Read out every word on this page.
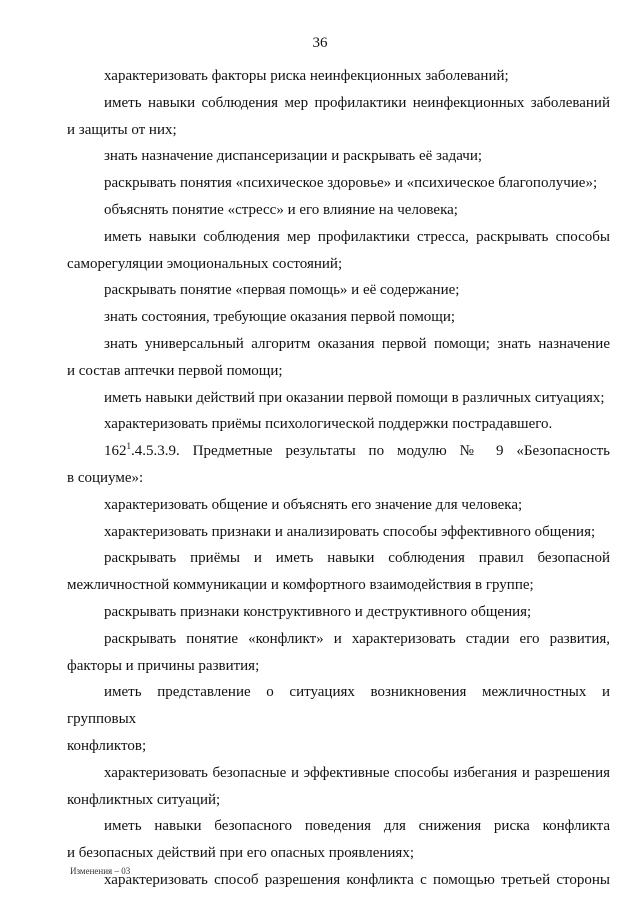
36
характеризовать факторы риска неинфекционных заболеваний;
иметь навыки соблюдения мер профилактики неинфекционных заболеваний
и защиты от них;
знать назначение диспансеризации и раскрывать её задачи;
раскрывать понятия «психическое здоровье» и «психическое благополучие»;
объяснять понятие «стресс» и его влияние на человека;
иметь навыки соблюдения мер профилактики стресса, раскрывать способы
саморегуляции эмоциональных состояний;
раскрывать понятие «первая помощь» и её содержание;
знать состояния, требующие оказания первой помощи;
знать универсальный алгоритм оказания первой помощи; знать назначение
и состав аптечки первой помощи;
иметь навыки действий при оказании первой помощи в различных ситуациях;
характеризовать приёмы психологической поддержки пострадавшего.
$162^1.4.5.3.9$. Предметные результаты по модулю № 9 «Безопасность
в социуме»:
характеризовать общение и объяснять его значение для человека;
характеризовать признаки и анализировать способы эффективного общения;
раскрывать приёмы и иметь навыки соблюдения правил безопасной
межличностной коммуникации и комфортного взаимодействия в группе;
раскрывать признаки конструктивного и деструктивного общения;
раскрывать понятие «конфликт» и характеризовать стадии его развития,
факторы и причины развития;
иметь представление о ситуациях возникновения межличностных и групповых
конфликтов;
характеризовать безопасные и эффективные способы избегания и разрешения
конфликтных ситуаций;
иметь навыки безопасного поведения для снижения риска конфликта
и безопасных действий при его опасных проявлениях;
характеризовать способ разрешения конфликта с помощью третьей стороны
Изменения – 03
